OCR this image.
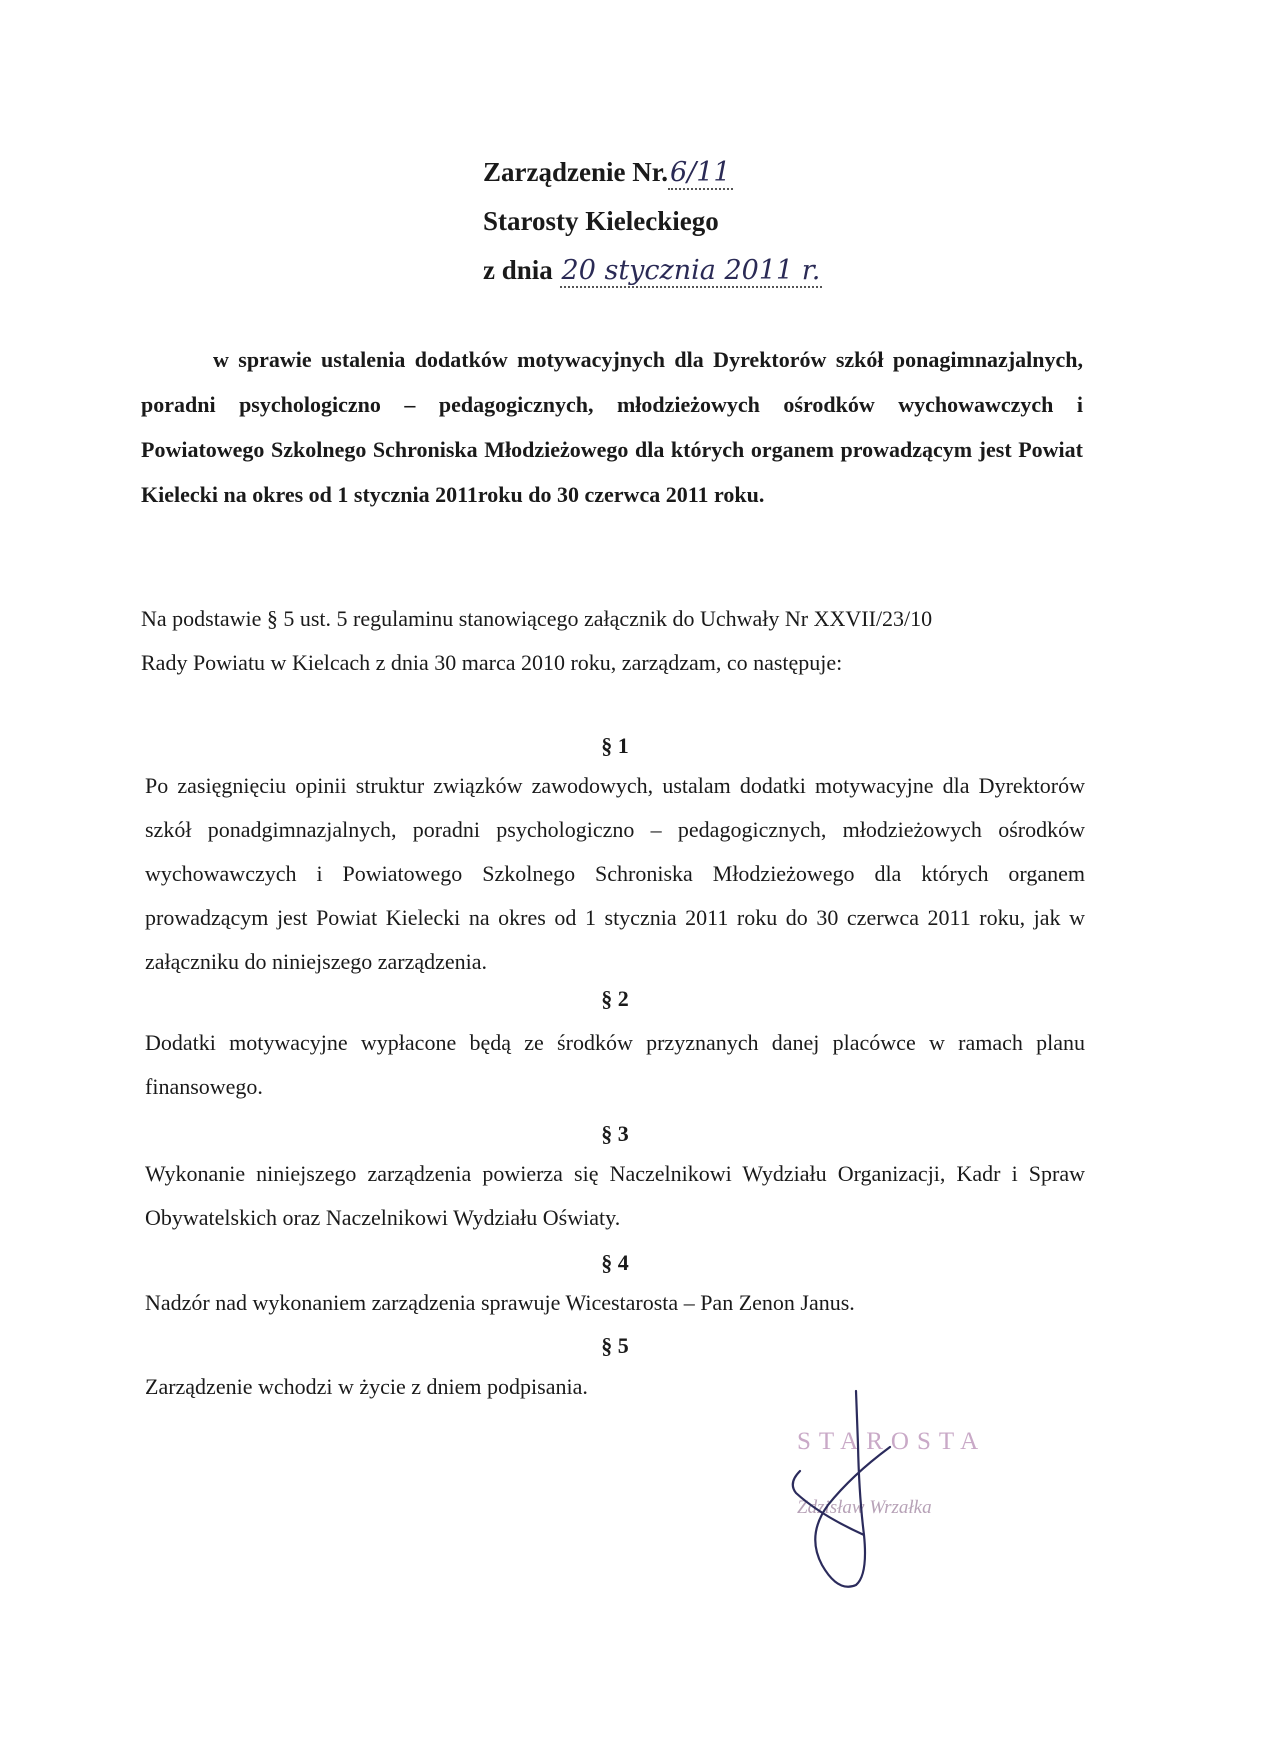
Zarządzenie Nr.6/11
Starosty Kieleckiego
z dnia 20 stycznia 2011 r.
w sprawie ustalenia dodatków motywacyjnych dla Dyrektorów szkół ponagimnazjalnych, poradni psychologiczno – pedagogicznych, młodzieżowych ośrodków wychowawczych i Powiatowego Szkolnego Schroniska Młodzieżowego dla których organem prowadzącym jest Powiat Kielecki na okres od 1 stycznia 2011roku do 30 czerwca 2011 roku.

Na podstawie § 5 ust. 5 regulaminu stanowiącego załącznik do Uchwały Nr XXVII/23/10

Rady Powiatu w Kielcach z dnia 30 marca 2010 roku, zarządzam, co następuje:

§ 1
Po zasięgnięciu opinii struktur związków zawodowych, ustalam dodatki motywacyjne dla Dyrektorów szkół ponadgimnazjalnych, poradni psychologiczno – pedagogicznych, młodzieżowych ośrodków wychowawczych i Powiatowego Szkolnego Schroniska Młodzieżowego dla których organem prowadzącym jest Powiat Kielecki na okres od 1 stycznia 2011 roku do 30 czerwca 2011 roku, jak w załączniku do niniejszego zarządzenia.
§ 2
Dodatki motywacyjne wypłacone będą ze środków przyznanych danej placówce w ramach planu finansowego.
§ 3
Wykonanie niniejszego zarządzenia powierza się Naczelnikowi Wydziału Organizacji, Kadr i Spraw Obywatelskich oraz Naczelnikowi Wydziału Oświaty.
§ 4
Nadzór nad wykonaniem zarządzenia sprawuje Wicestarosta – Pan Zenon Janus.
§ 5
Zarządzenie wchodzi w życie z dniem podpisania.
STAROSTA
Zdzisław Wrzałka
